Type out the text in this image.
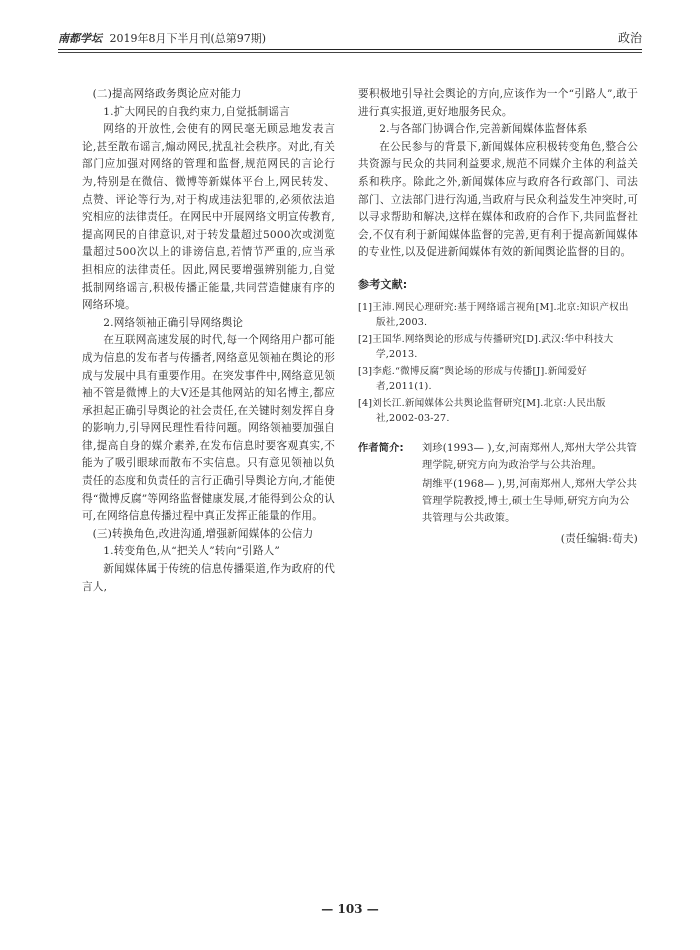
南都学坛 2019年8月下半月刊(总第97期)	政治

(二)提高网络政务舆论应对能力

1.扩大网民的自我约束力,自觉抵制谣言

网络的开放性,会使有的网民毫无顾忌地发表言论,甚至散布谣言,煽动网民,扰乱社会秩序。对此,有关部门应加强对网络的管理和监督,规范网民的言论行为,特别是在微信、微博等新媒体平台上,网民转发、点赞、评论等行为,对于构成违法犯罪的,必须依法追究相应的法律责任。在网民中开展网络文明宣传教育,提高网民的自律意识,对于转发量超过5000次或浏览量超过500次以上的诽谤信息,若情节严重的,应当承担相应的法律责任。因此,网民要增强辨别能力,自觉抵制网络谣言,积极传播正能量,共同营造健康有序的网络环境。

2.网络领袖正确引导网络舆论

在互联网高速发展的时代,每一个网络用户都可能成为信息的发布者与传播者,网络意见领袖在舆论的形成与发展中具有重要作用。在突发事件中,网络意见领袖不管是微博上的大V还是其他网站的知名博主,都应承担起正确引导舆论的社会责任,在关键时刻发挥自身的影响力,引导网民理性看待问题。网络领袖要加强自律,提高自身的媒介素养,在发布信息时要客观真实,不能为了吸引眼球而散布不实信息。只有意见领袖以负责任的态度和负责任的言行正确引导舆论方向,才能使得“微博反腐”等网络监督健康发展,才能得到公众的认可,在网络信息传播过程中真正发挥正能量的作用。

(三)转换角色,改进沟通,增强新闻媒体的公信力

1.转变角色,从“把关人”转向“引路人”

新闻媒体属于传统的信息传播渠道,作为政府的代言人,

要积极地引导社会舆论的方向,应该作为一个“引路人”,敢于进行真实报道,更好地服务民众。

2.与各部门协调合作,完善新闻媒体监督体系

在公民参与的背景下,新闻媒体应积极转变角色,整合公共资源与民众的共同利益要求,规范不同媒介主体的利益关系和秩序。除此之外,新闻媒体应与政府各行政部门、司法部门、立法部门进行沟通,当政府与民众利益发生冲突时,可以寻求帮助和解决,这样在媒体和政府的合作下,共同监督社会,不仅有利于新闻媒体监督的完善,更有利于提高新闻媒体的专业性,以及促进新闻媒体有效的新闻舆论监督的目的。

参考文献:

[1]王沛.网民心理研究:基于网络谣言视角[M].北京:知识产权出版社,2003.

[2]王国华.网络舆论的形成与传播研究[D].武汉:华中科技大学,2013.

[3]李彪.“微博反腐”舆论场的形成与传播[J].新闻爱好者,2011(1).

[4]刘长江.新闻媒体公共舆论监督研究[M].北京:人民出版社,2002-03-27.

作者简介:	刘珍(1993— ),女,河南郑州人,郑州大学公共管理学院,研究方向为政治学与公共治理。

胡维平(1968— ),男,河南郑州人,郑州大学公共管理学院教授,博士,硕士生导师,研究方向为公共管理与公共政策。

(责任编辑:荀夫)

— 103 —
